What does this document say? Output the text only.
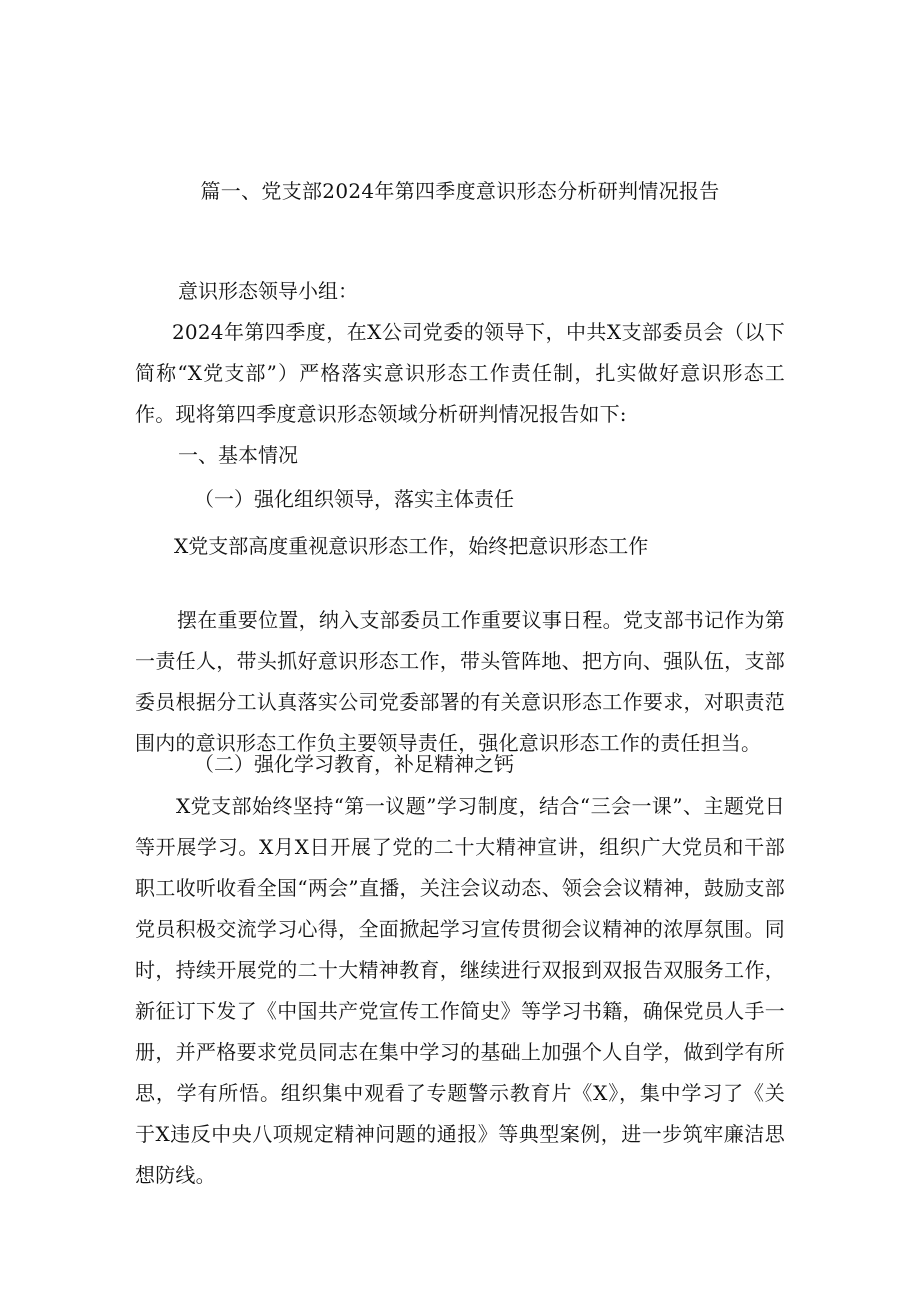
篇一、党支部2024年第四季度意识形态分析研判情况报告
意识形态领导小组：
2024年第四季度，在X公司党委的领导下，中共X支部委员会（以下简称“X党支部”）严格落实意识形态工作责任制，扎实做好意识形态工作。现将第四季度意识形态领域分析研判情况报告如下:
一、基本情况
（一）强化组织领导，落实主体责任
X党支部高度重视意识形态工作，始终把意识形态工作
摆在重要位置，纳入支部委员工作重要议事日程。党支部书记作为第一责任人，带头抓好意识形态工作，带头管阵地、把方向、强队伍，支部委员根据分工认真落实公司党委部署的有关意识形态工作要求，对职责范围内的意识形态工作负主要领导责任，强化意识形态工作的责任担当。
（二）强化学习教育，补足精神之钙
X党支部始终坚持“第一议题”学习制度，结合“三会一课”、主题党日等开展学习。X月X日开展了党的二十大精神宣讲，组织广大党员和干部职工收听收看全国“两会”直播，关注会议动态、领会会议精神，鼓励支部党员积极交流学习心得，全面掀起学习宣传贯彻会议精神的浓厚氛围。同时，持续开展党的二十大精神教育，继续进行双报到双报告双服务工作，新征订下发了《中国共产党宣传工作简史》等学习书籍，确保党员人手一册，并严格要求党员同志在集中学习的基础上加强个人自学，做到学有所思，学有所悟。组织集中观看了专题警示教育片《X》，集中学习了《关于X违反中央八项规定精神问题的通报》等典型案例，进一步筑牢廉洁思想防线。
